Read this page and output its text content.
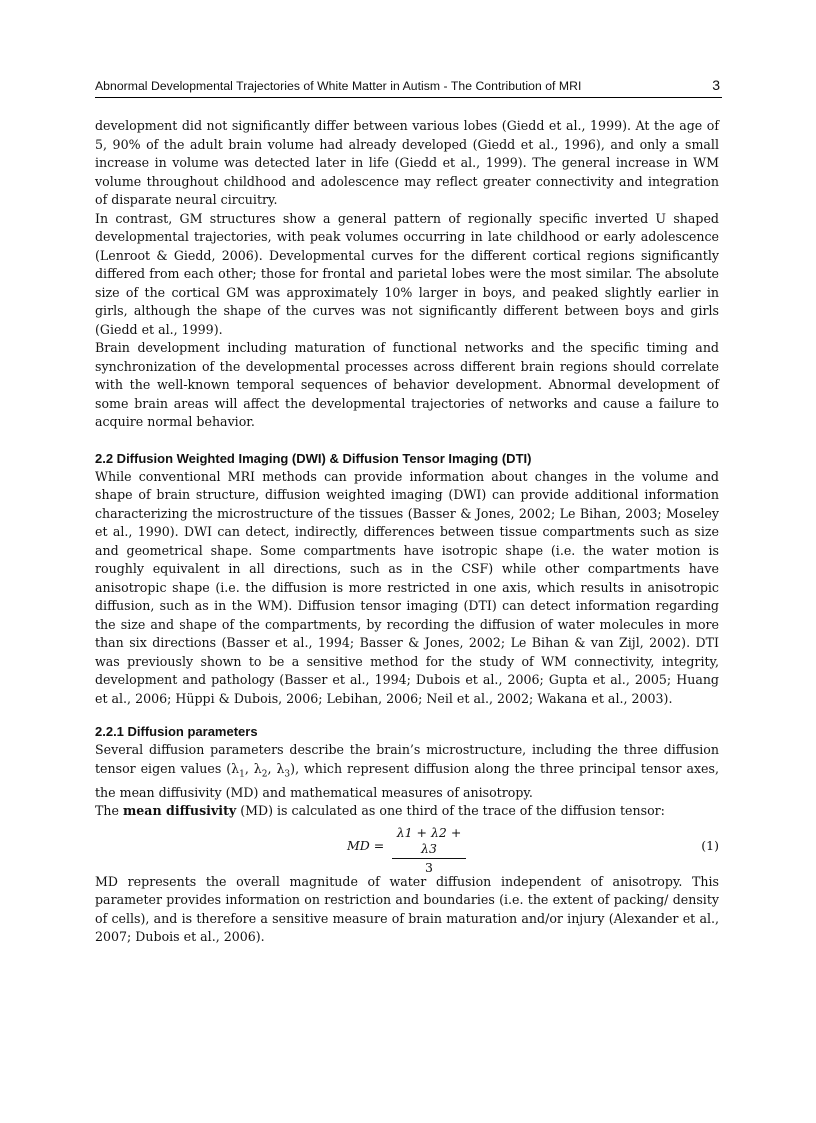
Abnormal Developmental Trajectories of White Matter in Autism - The Contribution of MRI	3

development did not significantly differ between various lobes (Giedd et al., 1999). At the age of 5, 90% of the adult brain volume had already developed (Giedd et al., 1996), and only a small increase in volume was detected later in life (Giedd et al., 1999). The general increase in WM volume throughout childhood and adolescence may reflect greater connectivity and integration of disparate neural circuitry.

In contrast, GM structures show a general pattern of regionally specific inverted U shaped developmental trajectories, with peak volumes occurring in late childhood or early adolescence (Lenroot & Giedd, 2006). Developmental curves for the different cortical regions significantly differed from each other; those for frontal and parietal lobes were the most similar. The absolute size of the cortical GM was approximately 10% larger in boys, and peaked slightly earlier in girls, although the shape of the curves was not significantly different between boys and girls (Giedd et al., 1999).

Brain development including maturation of functional networks and the specific timing and synchronization of the developmental processes across different brain regions should correlate with the well-known temporal sequences of behavior development. Abnormal development of some brain areas will affect the developmental trajectories of networks and cause a failure to acquire normal behavior.

2.2 Diffusion Weighted Imaging (DWI) & Diffusion Tensor Imaging (DTI)

While conventional MRI methods can provide information about changes in the volume and shape of brain structure, diffusion weighted imaging (DWI) can provide additional information characterizing the microstructure of the tissues (Basser & Jones, 2002; Le Bihan, 2003; Moseley et al., 1990). DWI can detect, indirectly, differences between tissue compartments such as size and geometrical shape. Some compartments have isotropic shape (i.e. the water motion is roughly equivalent in all directions, such as in the CSF) while other compartments have anisotropic shape (i.e. the diffusion is more restricted in one axis, which results in anisotropic diffusion, such as in the WM). Diffusion tensor imaging (DTI) can detect information regarding the size and shape of the compartments, by recording the diffusion of water molecules in more than six directions (Basser et al., 1994; Basser & Jones, 2002; Le Bihan & van Zijl, 2002). DTI was previously shown to be a sensitive method for the study of WM connectivity, integrity, development and pathology (Basser et al., 1994; Dubois et al., 2006; Gupta et al., 2005; Huang et al., 2006; Hüppi & Dubois, 2006; Lebihan, 2006; Neil et al., 2002; Wakana et al., 2003).

2.2.1 Diffusion parameters

Several diffusion parameters describe the brain’s microstructure, including the three diffusion tensor eigen values ($\lambda_1$, $\lambda_2$, $\lambda_3$), which represent diffusion along the three principal tensor axes, the mean diffusivity (MD) and mathematical measures of anisotropy.

The mean diffusivity (MD) is calculated as one third of the trace of the diffusion tensor:

MD = $\frac{\lambda 1 + \lambda 2 + \lambda 3}{3}$	(1)

MD represents the overall magnitude of water diffusion independent of anisotropy. This parameter provides information on restriction and boundaries (i.e. the extent of packing/ density of cells), and is therefore a sensitive measure of brain maturation and/or injury (Alexander et al., 2007; Dubois et al., 2006).
